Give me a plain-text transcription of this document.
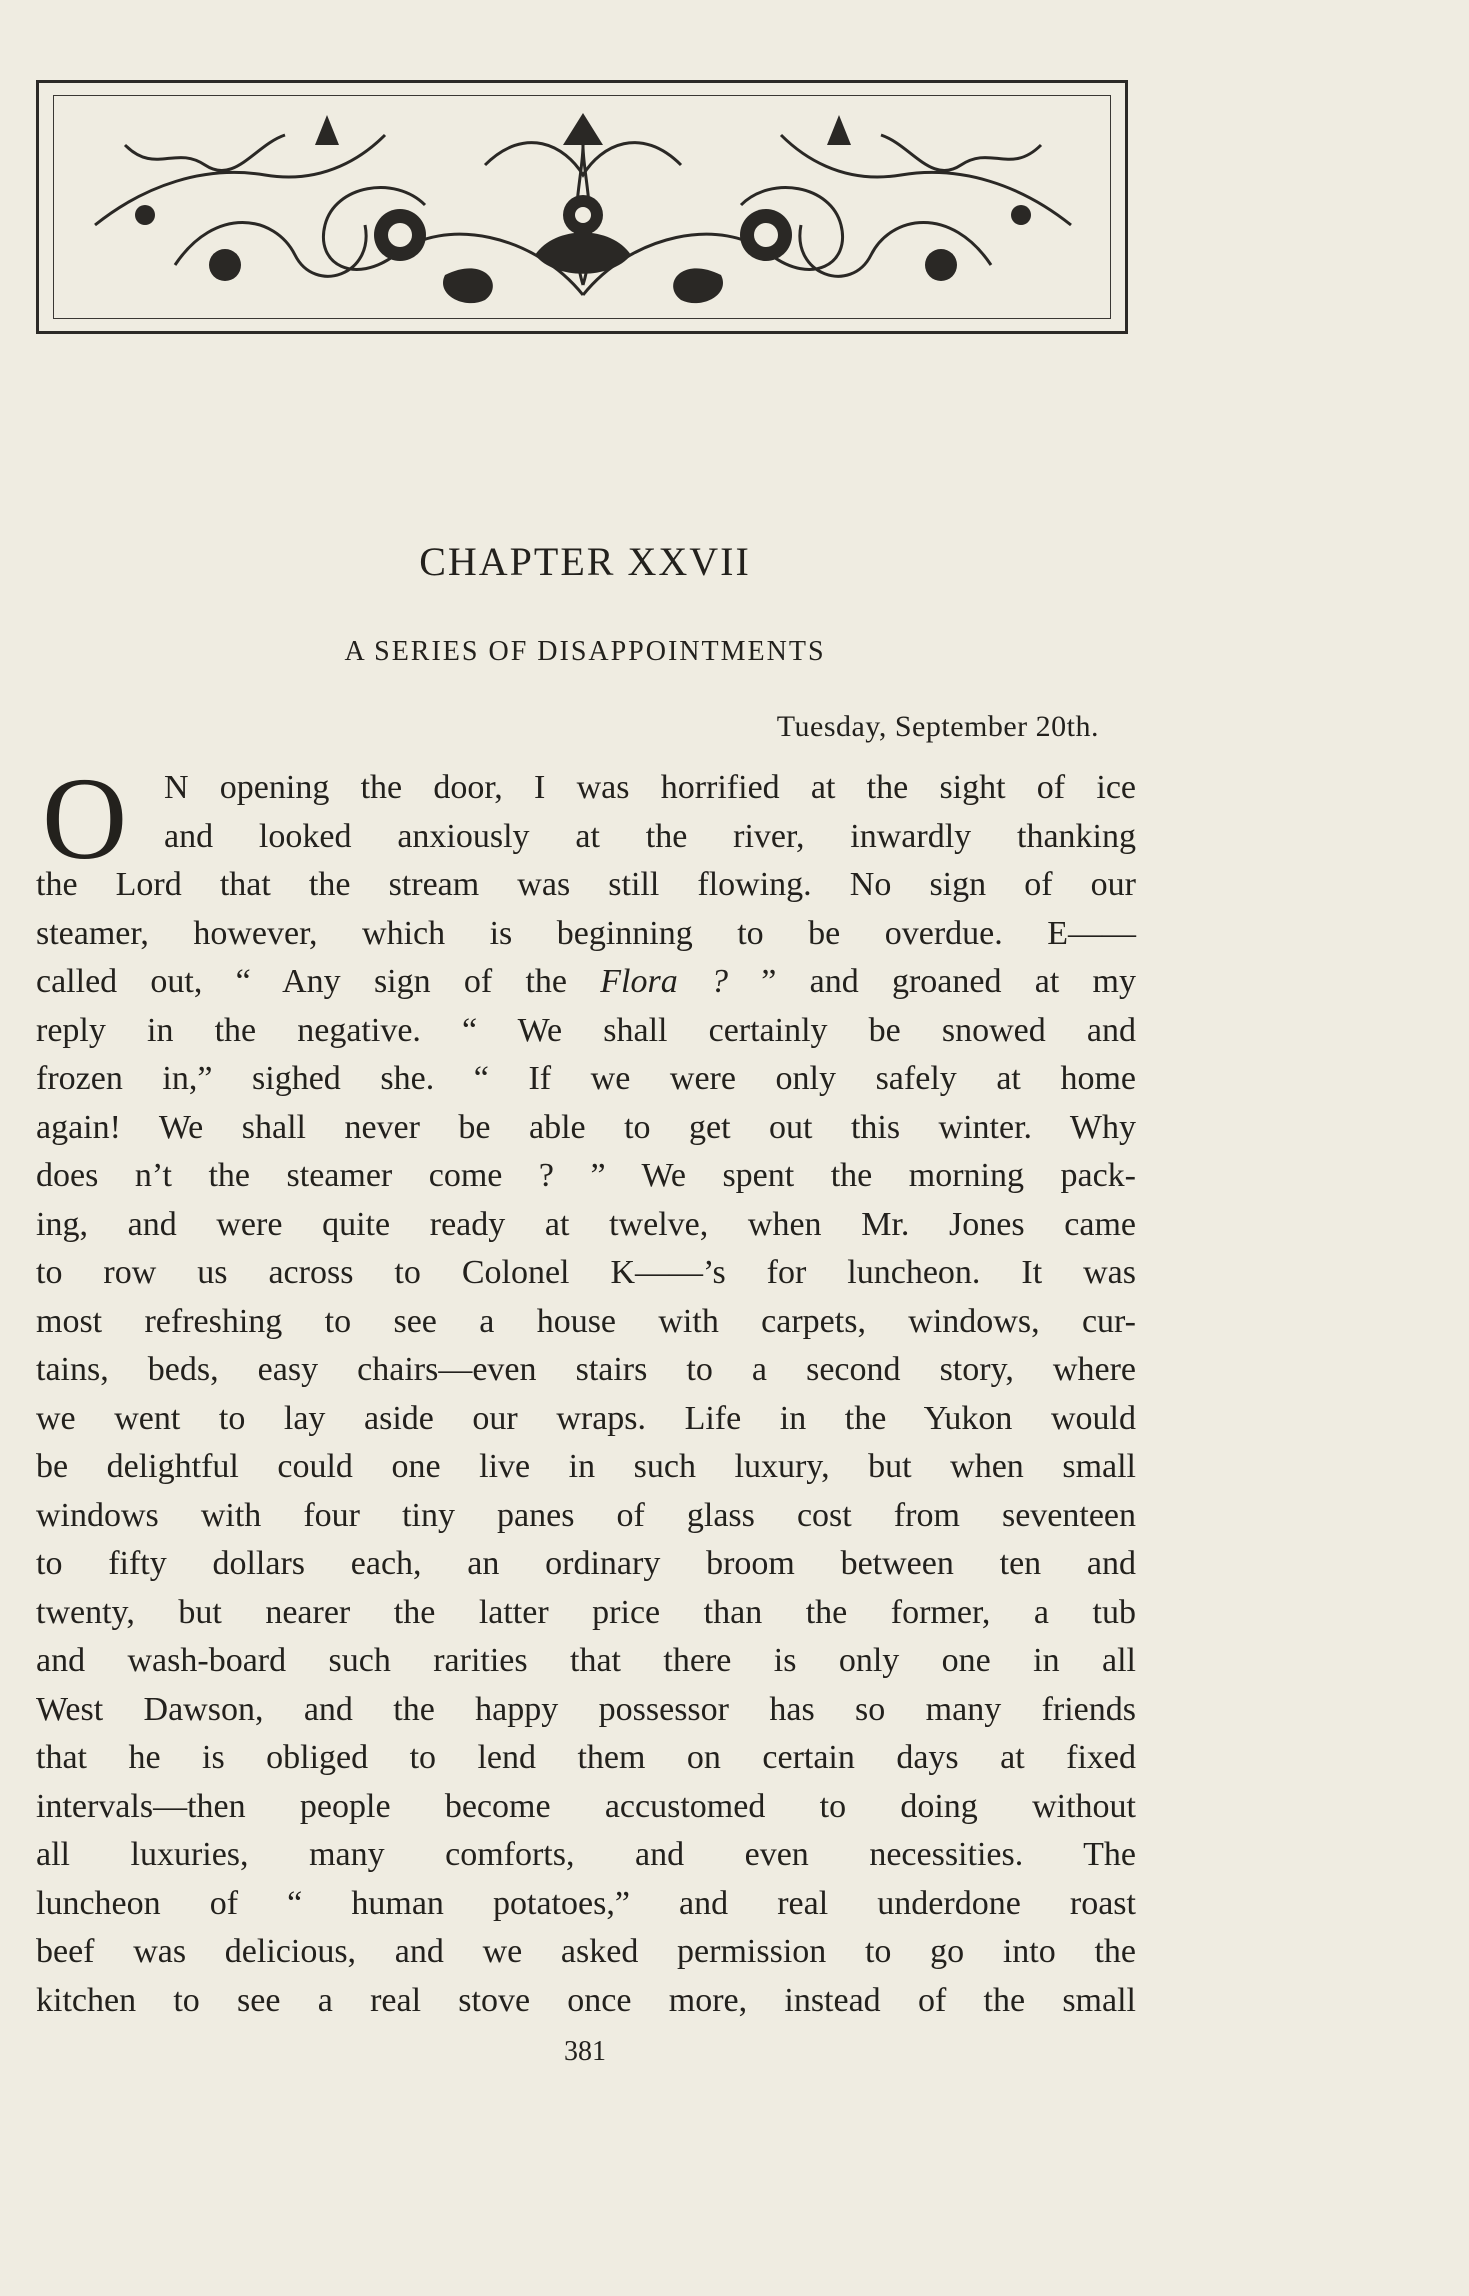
CHAPTER XXVII
A SERIES OF DISAPPOINTMENTS
Tuesday, September 20th.
O	N opening the door, I was horrified at the sight of ice
and looked anxiously at the river, inwardly thanking
the Lord that the stream was still flowing. No sign of our
steamer, however, which is beginning to be overdue. E——
called out, “ Any sign of the Flora ? ” and groaned at my
reply in the negative. “ We shall certainly be snowed and
frozen in,” sighed she. “ If we were only safely at home
again! We shall never be able to get out this winter. Why
does n’t the steamer come ? ” We spent the morning pack-
ing, and were quite ready at twelve, when Mr. Jones came
to row us across to Colonel K——’s for luncheon. It was
most refreshing to see a house with carpets, windows, cur-
tains, beds, easy chairs—even stairs to a second story, where
we went to lay aside our wraps. Life in the Yukon would
be delightful could one live in such luxury, but when small
windows with four tiny panes of glass cost from seventeen
to fifty dollars each, an ordinary broom between ten and
twenty, but nearer the latter price than the former, a tub
and wash-board such rarities that there is only one in all
West Dawson, and the happy possessor has so many friends
that he is obliged to lend them on certain days at fixed
intervals—then people become accustomed to doing without
all luxuries, many comforts, and even necessities. The
luncheon of “ human potatoes,” and real underdone roast
beef was delicious, and we asked permission to go into the
kitchen to see a real stove once more, instead of the small
381
